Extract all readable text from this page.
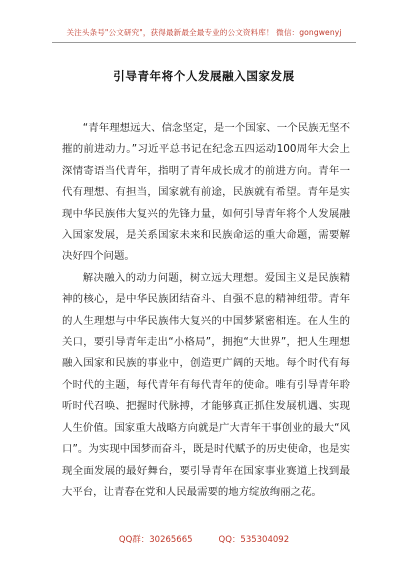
关注头条号"公文研究"，获得最新最全最专业的公文资料库！ 微信：gongwenyj
引导青年将个人发展融入国家发展

“青年理想远大、信念坚定，是一个国家、一个民族无坚不摧的前进动力。”习近平总书记在纪念五四运动100周年大会上深情寄语当代青年，指明了青年成长成才的前进方向。青年一代有理想、有担当，国家就有前途，民族就有希望。青年是实现中华民族伟大复兴的先锋力量，如何引导青年将个人发展融入国家发展，是关系国家未来和民族命运的重大命题，需要解决好四个问题。

解决融入的动力问题，树立远大理想。爱国主义是民族精神的核心，是中华民族团结奋斗、自强不息的精神纽带。青年的人生理想与中华民族伟大复兴的中国梦紧密相连。在人生的关口，要引导青年走出“小格局”，拥抱“大世界”，把人生理想融入国家和民族的事业中，创造更广阔的天地。每个时代有每个时代的主题，每代青年有每代青年的使命。唯有引导青年聆听时代召唤、把握时代脉搏，才能够真正抓住发展机遇、实现人生价值。国家重大战略方向就是广大青年干事创业的最大“风口”。为实现中国梦而奋斗，既是时代赋予的历史使命，也是实现全面发展的最好舞台，要引导青年在国家事业赛道上找到最大平台，让青春在党和人民最需要的地方绽放绚丽之花。

QQ群：30265665	QQ：535304092
